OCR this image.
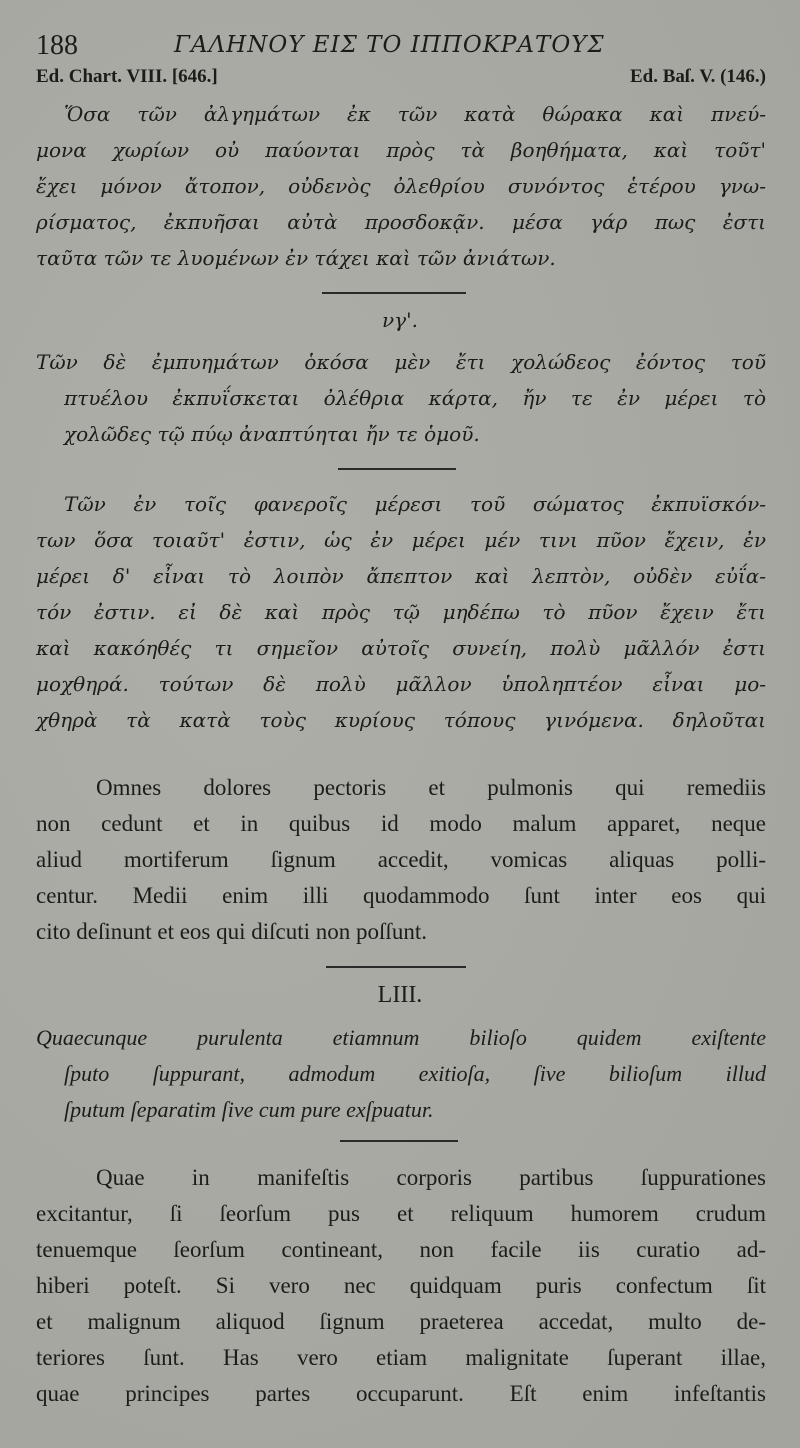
188	ΓΑΛΗΝΟΥ ΕΙΣ ΤΟ ΙΠΠΟΚΡΑΤΟΥΣ
Ed. Chart. VIII. [646.]	Ed. Baſ. V. (146.)
Ὅσα τῶν ἀλγημάτων ἐκ τῶν κατὰ θώρακα καὶ πνεύ-
μονα χωρίων οὐ παύονται πρὸς τὰ βοηθήματα, καὶ τοῦτ'
ἔχει μόνον ἄτοπον, οὐδενὸς ὀλεθρίου συνόντος ἑτέρου γνω-
ρίσματος, ἐκπυῆσαι αὐτὰ προσδοκᾷν. μέσα γάρ πως ἐστι
ταῦτα τῶν τε λυομένων ἐν τάχει καὶ τῶν ἀνιάτων.
νγ'.
Τῶν δὲ ἐμπυημάτων ὁκόσα μὲν ἔτι χολώδεος ἐόντος τοῦ
πτυέλου ἐκπυΐσκεται ὀλέθρια κάρτα, ἤν τε ἐν μέρει τὸ
χολῶδες τῷ πύῳ ἀναπτύηται ἤν τε ὁμοῦ.
Τῶν ἐν τοῖς φανεροῖς μέρεσι τοῦ σώματος ἐκπυϊσκόν-
των ὅσα τοιαῦτ' ἐστιν, ὡς ἐν μέρει μέν τινι πῦον ἔχειν, ἐν
μέρει δ' εἶναι τὸ λοιπὸν ἄπεπτον καὶ λεπτὸν, οὐδὲν εὐΐα-
τόν ἐστιν. εἰ δὲ καὶ πρὸς τῷ μηδέπω τὸ πῦον ἔχειν ἔτι
καὶ κακόηθές τι σημεῖον αὐτοῖς συνείη, πολὺ μᾶλλόν ἐστι
μοχθηρά. τούτων δὲ πολὺ μᾶλλον ὑποληπτέον εἶναι μο-
χθηρὰ τὰ κατὰ τοὺς κυρίους τόπους γινόμενα. δηλοῦται
Omnes dolores pectoris et pulmonis qui remediis
non cedunt et in quibus id modo malum apparet, neque
aliud mortiferum ſignum accedit, vomicas aliquas polli-
centur. Medii enim illi quodammodo ſunt inter eos qui
cito deſinunt et eos qui diſcuti non poſſunt.
LIII.
Quaecunque purulenta etiamnum bilioſo quidem exiſtente
ſputo ſuppurant, admodum exitioſa, ſive bilioſum illud
ſputum ſeparatim ſive cum pure exſpuatur.
Quae in manifeſtis corporis partibus ſuppurationes
excitantur, ſi ſeorſum pus et reliquum humorem crudum
tenuemque ſeorſum contineant, non facile iis curatio ad-
hiberi poteſt. Si vero nec quidquam puris confectum ſit
et malignum aliquod ſignum praeterea accedat, multo de-
teriores ſunt. Has vero etiam malignitate ſuperant illae,
quae principes partes occuparunt. Eſt enim infeſtantis
